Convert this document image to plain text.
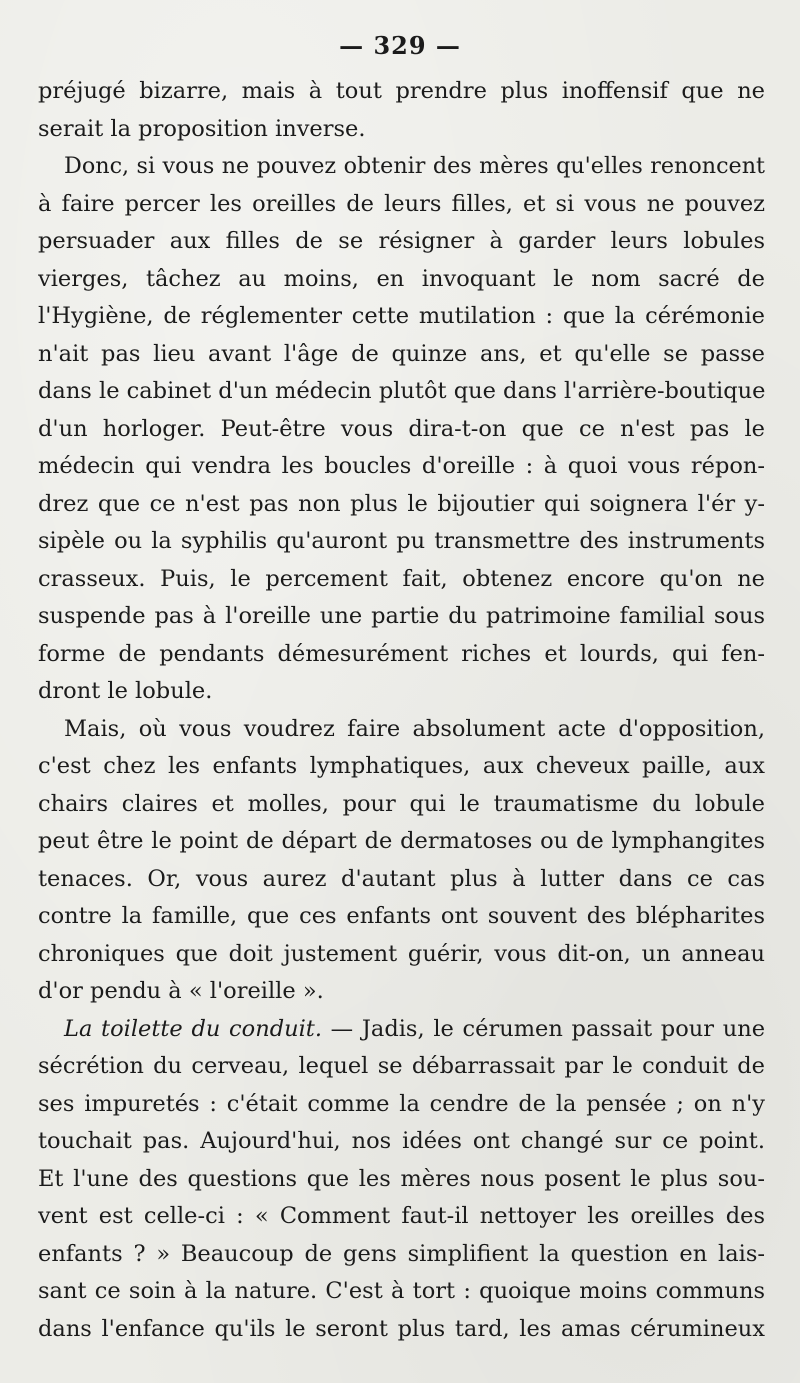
— 329 —
préjugé bizarre, mais à tout prendre plus inoffensif que ne
serait la proposition inverse.
Donc, si vous ne pouvez obtenir des mères qu'elles renoncent
à faire percer les oreilles de leurs filles, et si vous ne pouvez
persuader aux filles de se résigner à garder leurs lobules
vierges, tâchez au moins, en invoquant le nom sacré de
l'Hygiène, de réglementer cette mutilation : que la cérémonie
n'ait pas lieu avant l'âge de quinze ans, et qu'elle se passe
dans le cabinet d'un médecin plutôt que dans l'arrière-boutique
d'un horloger. Peut-être vous dira-t-on que ce n'est pas le
médecin qui vendra les boucles d'oreille : à quoi vous répon-
drez que ce n'est pas non plus le bijoutier qui soignera l'ér y-
sipèle ou la syphilis qu'auront pu transmettre des instruments
crasseux. Puis, le percement fait, obtenez encore qu'on ne
suspende pas à l'oreille une partie du patrimoine familial sous
forme de pendants démesurément riches et lourds, qui fen-
dront le lobule.
Mais, où vous voudrez faire absolument acte d'opposition,
c'est chez les enfants lymphatiques, aux cheveux paille, aux
chairs claires et molles, pour qui le traumatisme du lobule
peut être le point de départ de dermatoses ou de lymphangites
tenaces. Or, vous aurez d'autant plus à lutter dans ce cas
contre la famille, que ces enfants ont souvent des blépharites
chroniques que doit justement guérir, vous dit-on, un anneau
d'or pendu à « l'oreille ».
La toilette du conduit. — Jadis, le cérumen passait pour une
sécrétion du cerveau, lequel se débarrassait par le conduit de
ses impuretés : c'était comme la cendre de la pensée ; on n'y
touchait pas. Aujourd'hui, nos idées ont changé sur ce point.
Et l'une des questions que les mères nous posent le plus sou-
vent est celle-ci : « Comment faut-il nettoyer les oreilles des
enfants ? » Beaucoup de gens simplifient la question en lais-
sant ce soin à la nature. C'est à tort : quoique moins communs
dans l'enfance qu'ils le seront plus tard, les amas cérumineux
